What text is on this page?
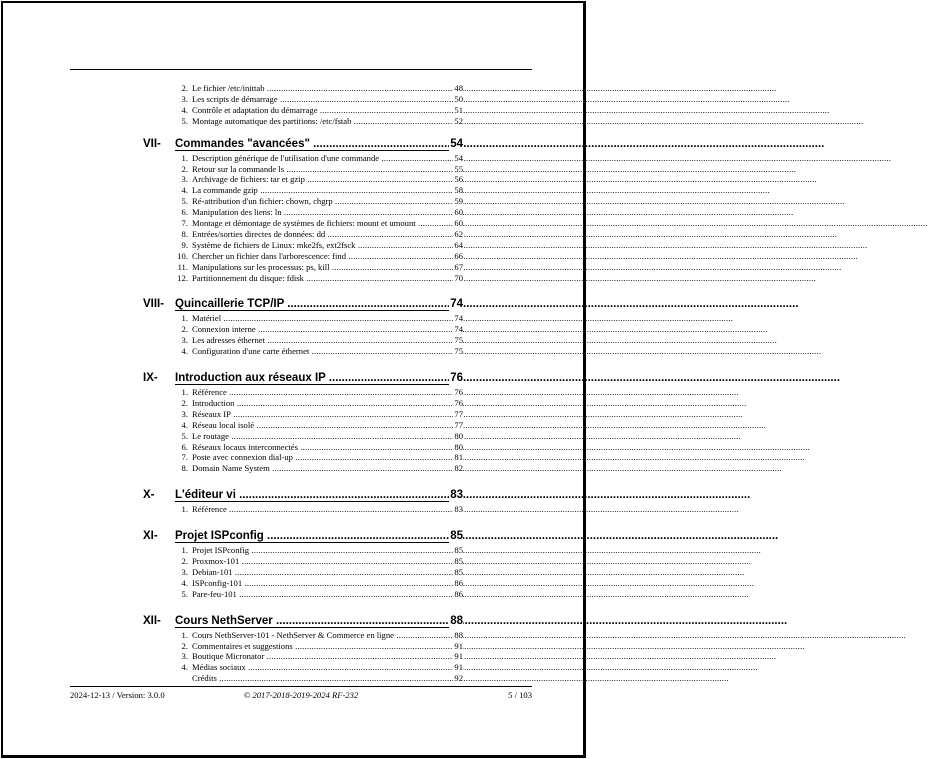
2. Le fichier /etc/inittab .....	48
3. Les scripts de démarrage .....	50
4. Contrôle et adaptation du démarrage .....	51
5. Montage automatique des partitions: /etc/fstab .....	52
VII- Commandes "avancées" .....	54
1. Description générique de l'utilisation d'une commande .....	54
2. Retour sur la commande ls .....	55
3. Archivage de fichiers: tar et gzip .....	56
4. La commande gzip .....	58
5. Ré-attribution d'un fichier: chown, chgrp .....	59
6. Manipulation des liens: ln .....	60
7. Montage et démontage de systèmes de fichiers: mount et umount .....	60
8. Entrées/sorties directes de données: dd .....	62
9. Système de fichiers de Linux: mke2fs, ext2fsck .....	64
10. Chercher un fichier dans l'arborescence: find .....	66
11. Manipulations sur les processus: ps, kill .....	67
12. Partitionnement du disque: fdisk .....	70
VIII- Quincaillerie TCP/IP .....	74
1. Matériel .....	74
2. Connexion interne .....	74
3. Les adresses éthernet .....	75
4. Configuration d'une carte éthernet .....	75
IX- Introduction aux réseaux IP .....	76
1. Référence .....	76
2. Introduction .....	76
3. Réseaux IP .....	77
4. Réseau local isolé .....	77
5. Le routage .....	80
6. Réseaux locaux interconnectés .....	80
7. Poste avec connexion dial-up .....	81
8. Domain Name System .....	82
X- L'éditeur vi .....	83
1. Référence .....	83
XI- Projet ISPconfig .....	85
1. Projet ISPconfig .....	85
2. Proxmox-101 .....	85
3. Debian-101 .....	85
4. ISPconfig-101 .....	86
5. Pare-feu-101 .....	86
XII- Cours NethServer .....	88
1. Cours NethServer-101 - NethServer & Commerce en ligne .....	88
2. Commentaires et suggestions .....	91
3. Boutique Micronator .....	91
4. Médias sociaux .....	91
Crédits .....	92
2024-12-13 / Version: 3.0.0	© 2017-2018-2019-2024 RF-232	5 / 103
